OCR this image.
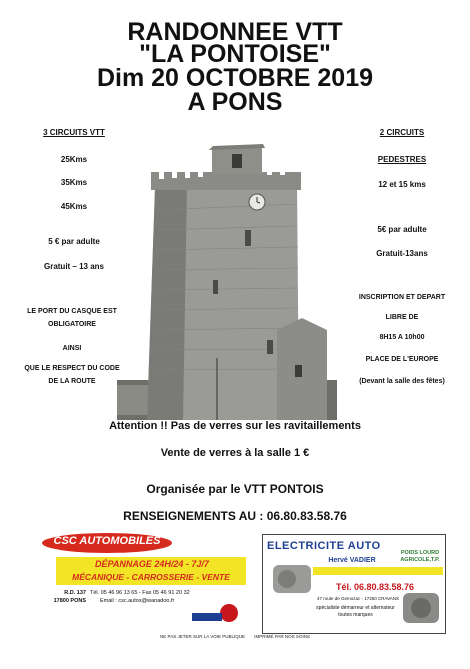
RANDONNEE VTT
"LA PONTOISE"
Dim 20 OCTOBRE 2019
A PONS
3 CIRCUITS VTT
25Kms
35Kms
45Kms
5 € par adulte
Gratuit – 13 ans
LE PORT DU CASQUE EST
OBLIGATOIRE
AINSI
QUE LE RESPECT DU CODE
DE LA ROUTE
2 CIRCUITS
PEDESTRES
12 et 15 kms
5€ par adulte
Gratuit-13ans
INSCRIPTION ET DEPART
LIBRE DE
8H15 A 10h00
PLACE DE L'EUROPE
(Devant la salle des fêtes)
Attention !! Pas de verres sur les ravitaillements
Vente de verres à la salle 1 €
Organisée par le VTT PONTOIS
RENSEIGNEMENTS AU : 06.80.83.58.76
CSC AUTOMOBILES
DÉPANNAGE 24H/24 - 7J/7
MÉCANIQUE - CARROSSERIE - VENTE
R.D. 137
17800 PONS
Tél. 05 46 96 13 65 - Fax 05 46 91 20 32
Email : csc.autos@wanadoo.fr
ELECTRICITE AUTO
POIDS LOURD
AGRICOLE,T.P.
Hervé VADIER
Tél. 06.80.83.58.76
47 route de Gemozac - 17260 CRAVANS
spécialiste démarreur et alternateur
toutes marques
NE PAS JETER SUR LA VOIE PUBLIQUE IMPRIMÉ PAR NOS SOINS
